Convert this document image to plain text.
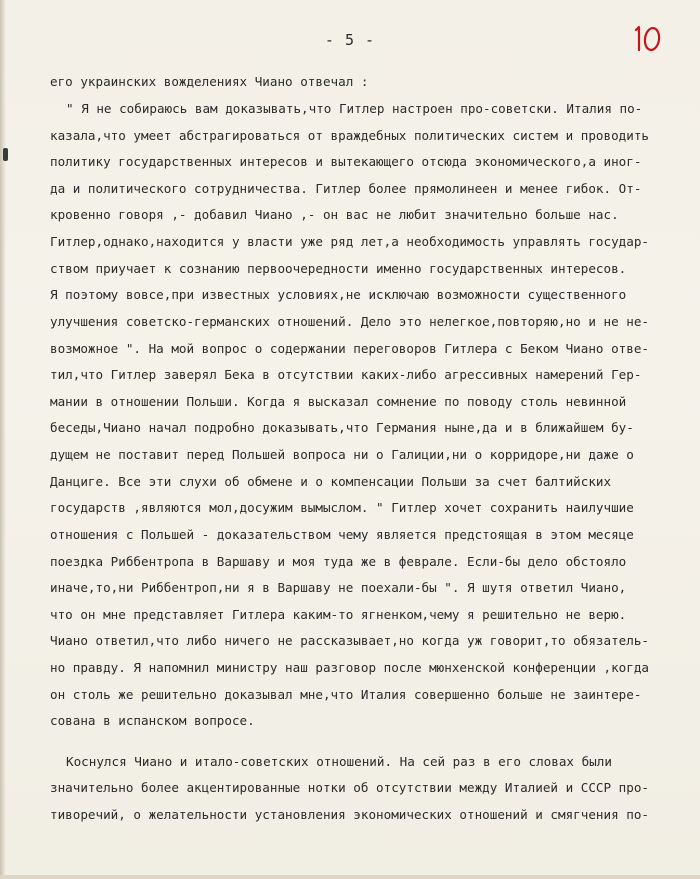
- 5 -
его украинских вожделениях Чиано отвечал :
" Я не собираюсь вам доказывать,что Гитлер настроен про-советски. Италия по-
казала,что умеет абстрагироваться от враждебных политических систем и проводить
политику государственных интересов и вытекающего отсюда экономического,а иног-
да и политического сотрудничества. Гитлер более прямолинеен и менее гибок. От-
кровенно говоря ,- добавил Чиано ,- он вас не любит значительно больше нас.
Гитлер,однако,находится у власти уже ряд лет,а необходимость управлять государ-
ством приучает к сознанию первоочередности именно государственных интересов.
Я поэтому вовсе,при известных условиях,не исключаю возможности существенного
улучшения советско-германских отношений. Дело это нелегкое,повторяю,но и не не-
возможное ". На мой вопрос о содержании переговоров Гитлера с Беком Чиано отве-
тил,что Гитлер заверял Бека в отсутствии каких-либо агрессивных намерений Гер-
мании в отношении Польши. Когда я высказал сомнение по поводу столь невинной
беседы,Чиано начал подробно доказывать,что Германия ныне,да и в ближайшем бу-
дущем не поставит перед Польшей вопроса ни о Галиции,ни о корридоре,ни даже о
Данциге. Все эти слухи об обмене и о компенсации Польши за счет балтийских
государств ,являются мол,досужим вымыслом. " Гитлер хочет сохранить наилучшие
отношения с Польшей - доказательством чему является предстоящая в этом месяце
поездка Риббентропа в Варшаву и моя туда же в феврале. Если-бы дело обстояло
иначе,то,ни Риббентроп,ни я в Варшаву не поехали-бы ". Я шутя ответил Чиано,
что он мне представляет Гитлера каким-то ягненком,чему я решительно не верю.
Чиано ответил,что либо ничего не рассказывает,но когда уж говорит,то обязатель-
но правду. Я напомнил министру наш разговор после мюнхенской конференции ,когда
он столь же решительно доказывал мне,что Италия совершенно больше не заинтере-
сована в испанском вопросе.
Коснулся Чиано и итало-советских отношений. На сей раз в его словах были
значительно более акцентированные нотки об отсутствии между Италией и СССР про-
тиворечий, о желательности установления экономических отношений и смягчения по-
